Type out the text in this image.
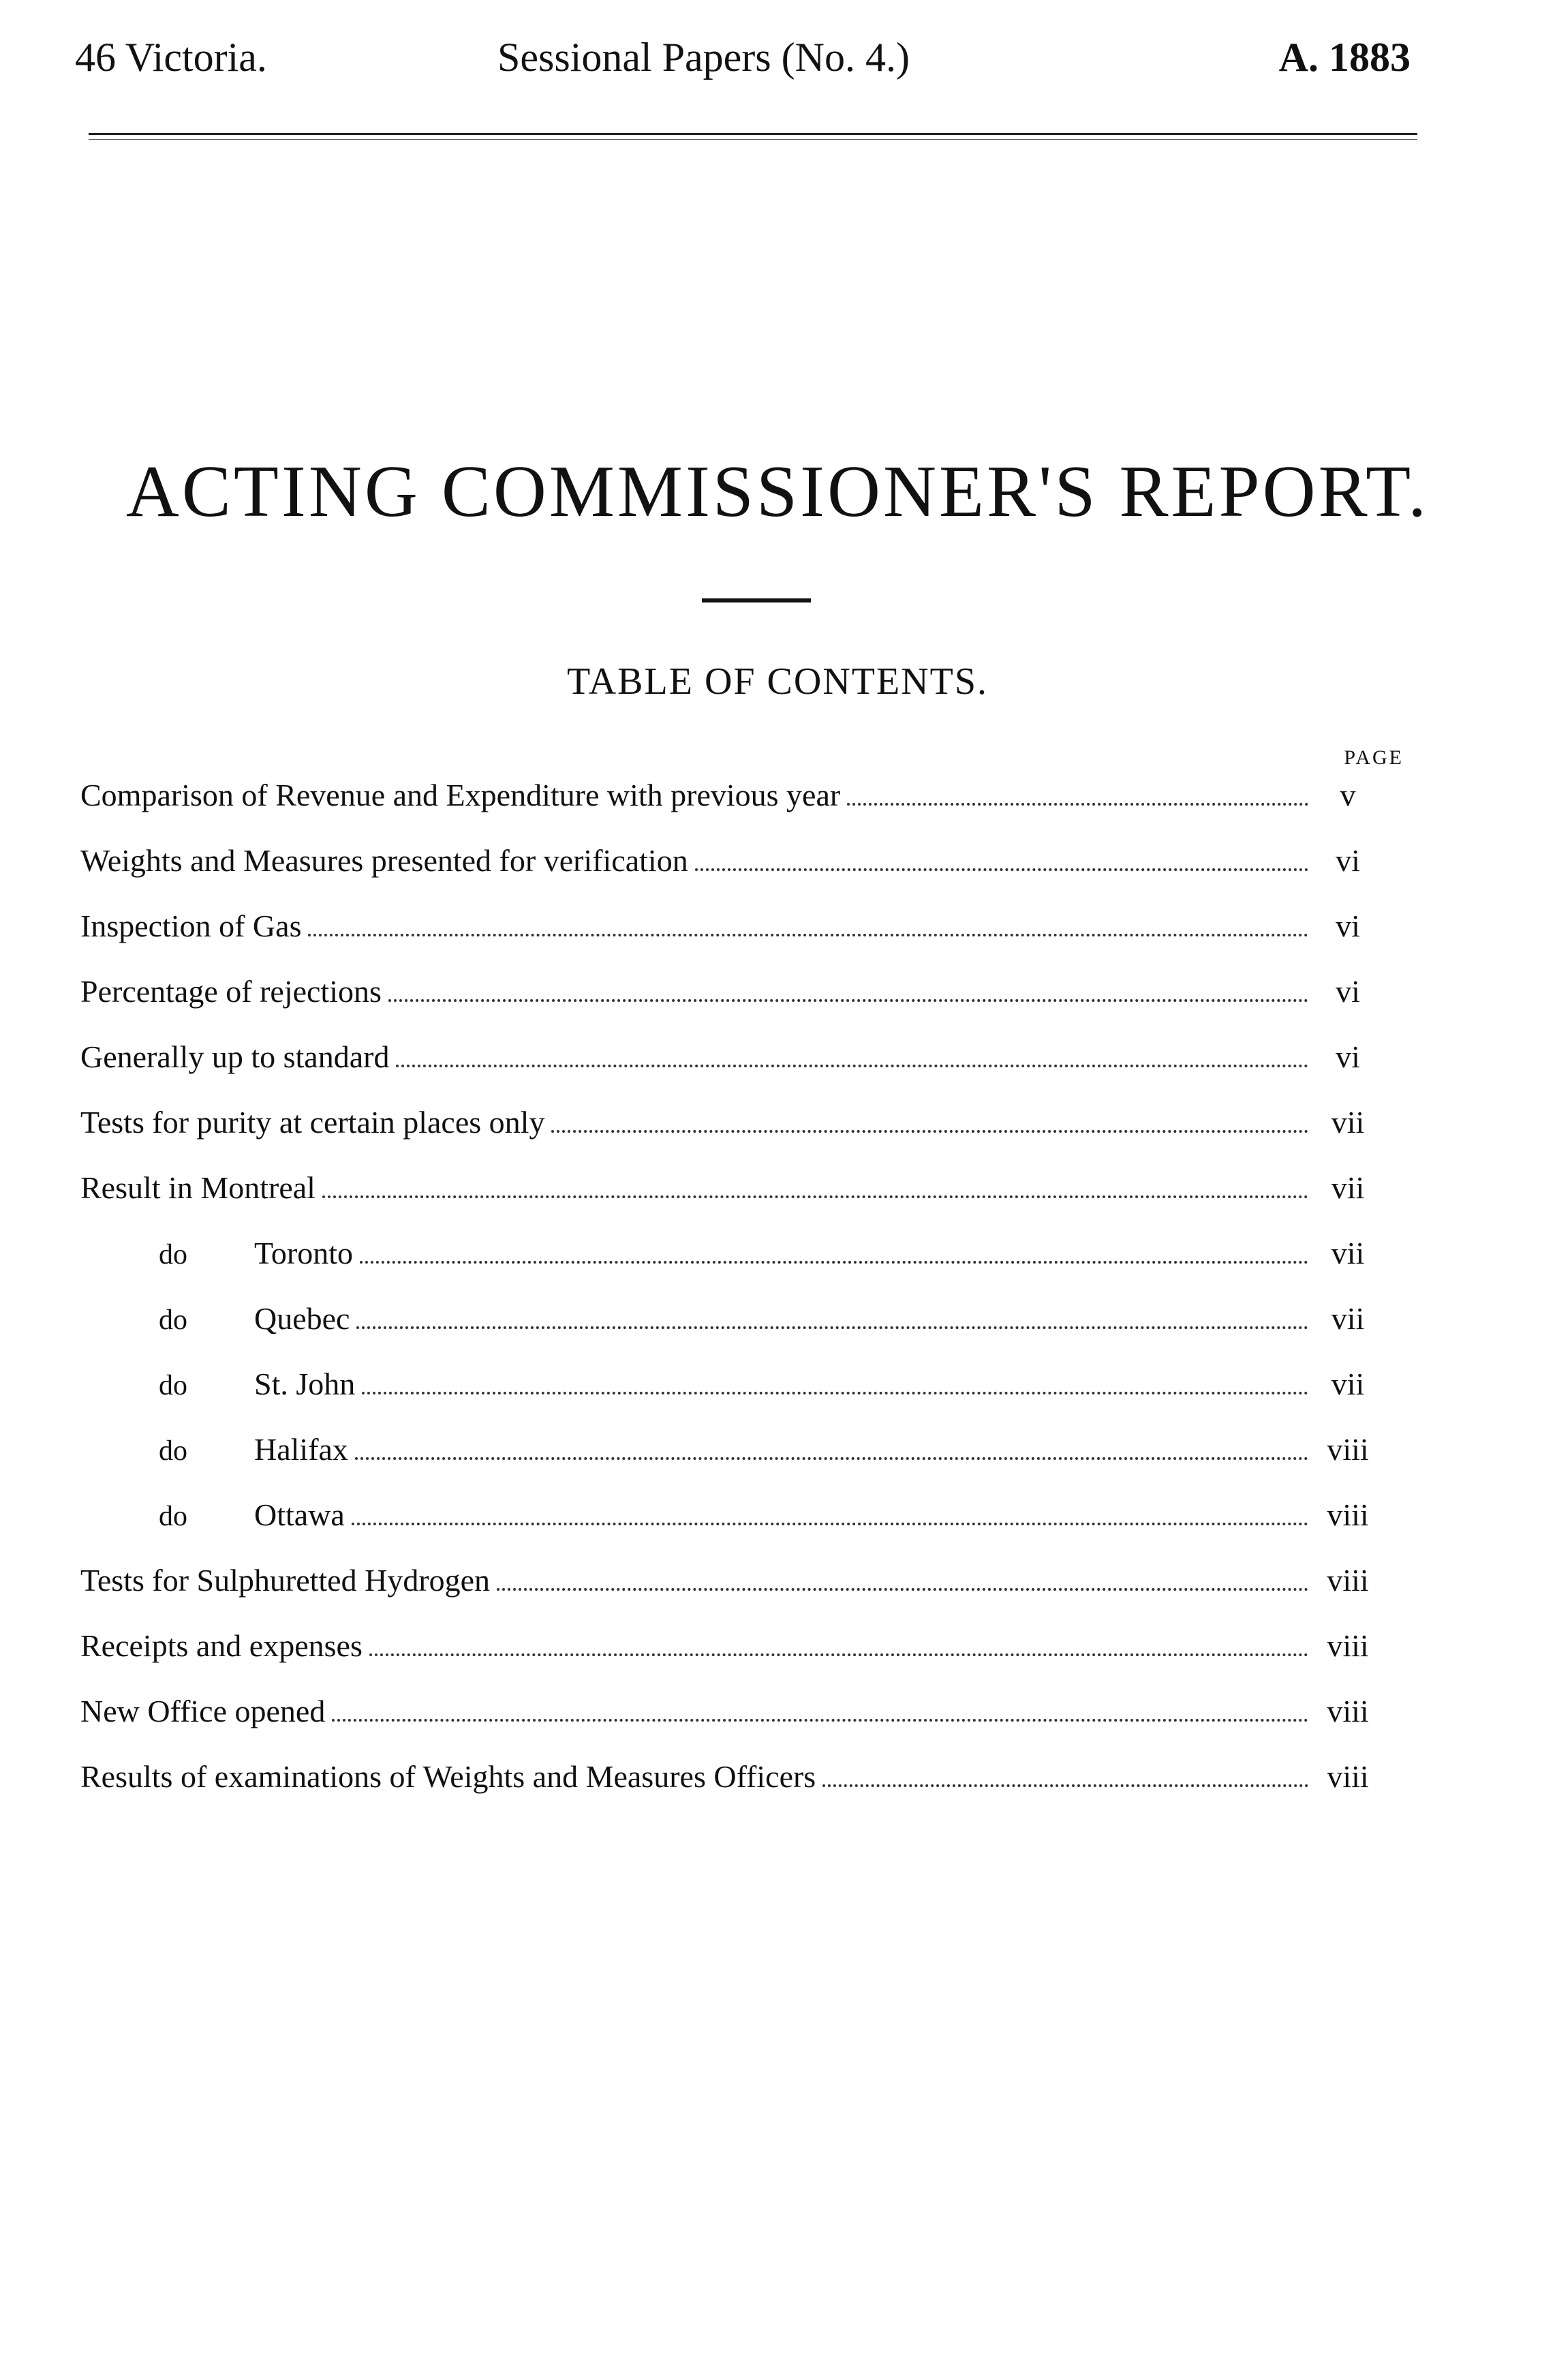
46 Victoria.	Sessional Papers (No. 4.)	A. 1883
ACTING COMMISSIONER'S REPORT.
TABLE OF CONTENTS.
PAGE
Comparison of Revenue and Expenditure with previous year	v
Weights and Measures presented for verification	vi
Inspection of Gas	vi
Percentage of rejections	vi
Generally up to standard	vi
Tests for purity at certain places only	vii
Result in Montreal	vii
do	Toronto	vii
do	Quebec	vii
do	St. John	vii
do	Halifax	viii
do	Ottawa	viii
Tests for Sulphuretted Hydrogen	viii
Receipts and expenses	viii
New Office opened	viii
Results of examinations of Weights and Measures Officers	viii
